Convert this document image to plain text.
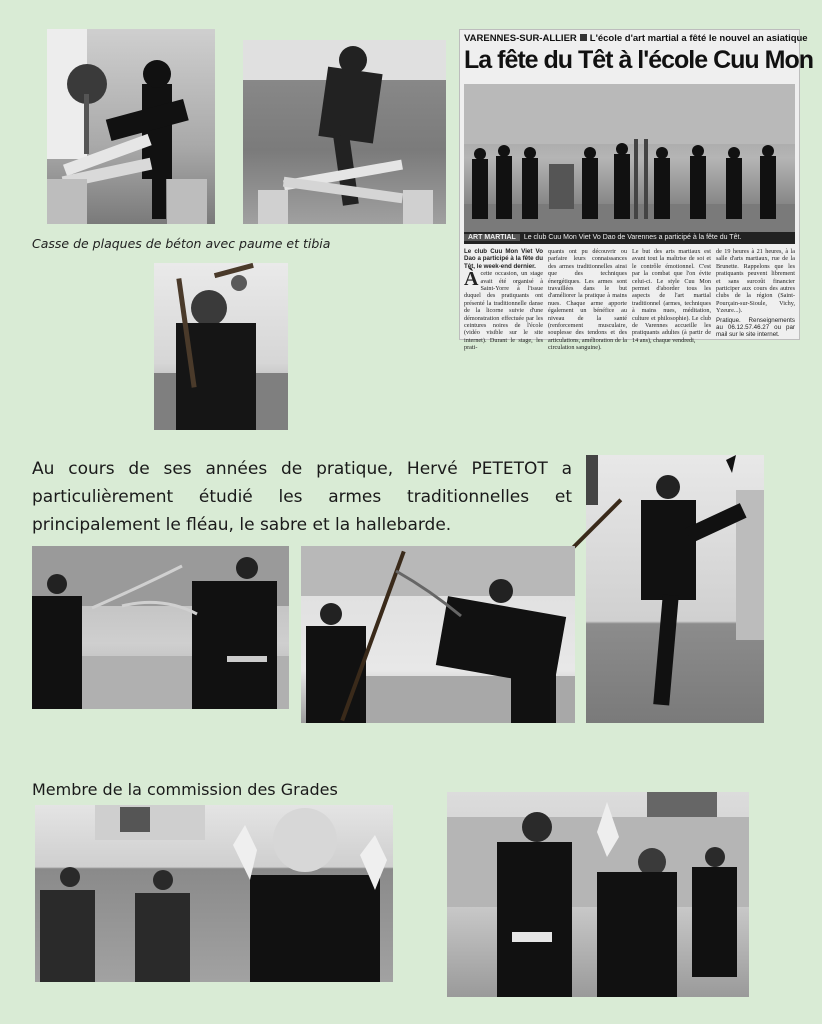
Casse de plaques de béton avec paume et tibia
VARENNES-SUR-ALLIER L'école d'art martial a fêté le nouvel an asiatique
La fête du Têt à l'école Cuu Mon
ART MARTIAL Le club Cuu Mon Viet Vo Dao de Varennes a participé à la fête du Têt.
Le club Cuu Mon Viet Vo Dao a participé à la fête du Têt, le week-end dernier.
À cette occasion, un stage avait été organisé à Saint-Yorre à l'issue duquel des pratiquants ont présenté la traditionnelle danse de la licorne suivie d'une démonstration effectuée par les ceintures noires de l'école (vidéo visible sur le site internet). Durant le stage, les prati-
quants ont pu découvrir ou parfaire leurs connaissances des armes traditionnelles ainsi que des techniques énergétiques. Les armes sont travaillées dans le but d'améliorer la pratique à mains nues. Chaque arme apporte également un bénéfice au niveau de la santé (renforcement musculaire, souplesse des tendons et des articulations, amélioration de la circulation sanguine).
Le but des arts martiaux est avant tout la maîtrise de soi et le contrôle émotionnel. C'est par la combat que l'on évite celui-ci. Le style Cuu Mon permet d'aborder tous les aspects de l'art martial traditionnel (armes, techniques à mains nues, méditation, culture et philosophie). Le club de Varennes accueille les pratiquants adultes (à partir de 14 ans), chaque vendredi,
de 19 heures à 21 heures, à la salle d'arts martiaux, rue de la Brunette. Rappelons que les pratiquants peuvent librement et sans surcoût financier participer aux cours des autres clubs de la région (Saint-Pourçain-sur-Sioule, Vichy, Yzeure...).
Pratique. Renseignements au 06.12.57.46.27 ou par mail sur le site internet.
Au cours de ses années de pratique, Hervé PETETOT a particulièrement étudié les armes traditionnelles et principalement le fléau, le sabre et la hallebarde.
Membre de la commission des Grades
